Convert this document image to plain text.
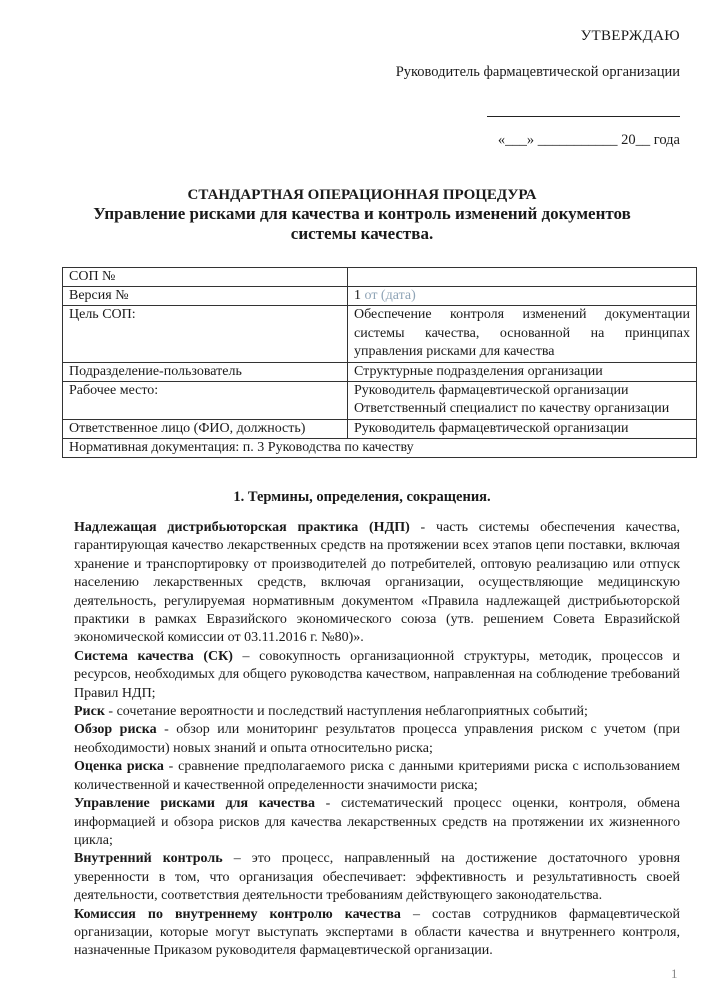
УТВЕРЖДАЮ
Руководитель фармацевтической организации
«___» ___________ 20__ года
СТАНДАРТНАЯ ОПЕРАЦИОННАЯ ПРОЦЕДУРА
Управление рисками для качества и контроль изменений документов
системы качества.
СОП №	
Версия №	1 от (дата)
Цель СОП:	Обеспечение контроля изменений документации системы качества, основанной на принципах управления рисками для качества
Подразделение-пользователь	Структурные подразделения организации
Рабочее место:	Руководитель фармацевтической организации
Ответственный специалист по качеству организации

Ответственное лицо (ФИО, должность)	Руководитель фармацевтической организации
Нормативная документация: п. 3 Руководства по качеству	
1. Термины, определения, сокращения.

Надлежащая дистрибьюторская практика (НДП) - часть системы обеспечения качества, гарантирующая качество лекарственных средств на протяжении всех этапов цепи поставки, включая хранение и транспортировку от производителей до потребителей, оптовую реализацию или отпуск населению лекарственных средств, включая организации, осуществляющие медицинскую деятельность, регулируемая нормативным документом «Правила надлежащей дистрибьюторской практики в рамках Евразийского экономического союза (утв. решением Совета Евразийской экономической комиссии от 03.11.2016 г. №80)».

Система качества (СК) – совокупность организационной структуры, методик, процессов и ресурсов, необходимых для общего руководства качеством, направленная на соблюдение требований Правил НДП;

Риск - сочетание вероятности и последствий наступления неблагоприятных событий;

Обзор риска - обзор или мониторинг результатов процесса управления риском с учетом (при необходимости) новых знаний и опыта относительно риска;

Оценка риска - сравнение предполагаемого риска с данными критериями риска с использованием количественной и качественной определенности значимости риска;

Управление рисками для качества - систематический процесс оценки, контроля, обмена информацией и обзора рисков для качества лекарственных средств на протяжении их жизненного цикла;

Внутренний контроль – это процесс, направленный на достижение достаточного уровня уверенности в том, что организация обеспечивает: эффективность и результативность своей деятельности, соответствия деятельности требованиям действующего законодательства.

Комиссия по внутреннему контролю качества – состав сотрудников фармацевтической организации, которые могут выступать экспертами в области качества и внутреннего контроля, назначенные Приказом руководителя фармацевтической организации.

1
